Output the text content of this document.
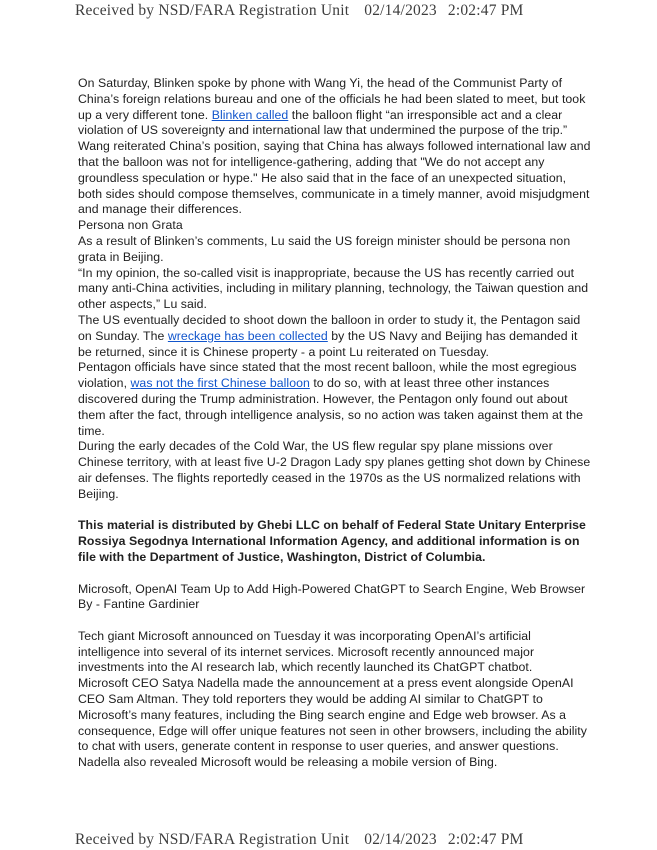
Received by NSD/FARA Registration Unit 02/14/2023 2:02:47 PM

On Saturday, Blinken spoke by phone with Wang Yi, the head of the Communist Party of China’s foreign relations bureau and one of the officials he had been slated to meet, but took up a very different tone. Blinken called the balloon flight “an irresponsible act and a clear violation of US sovereignty and international law that undermined the purpose of the trip.”

Wang reiterated China’s position, saying that China has always followed international law and that the balloon was not for intelligence-gathering, adding that "We do not accept any groundless speculation or hype." He also said that in the face of an unexpected situation, both sides should compose themselves, communicate in a timely manner, avoid misjudgment and manage their differences.

Persona non Grata

As a result of Blinken’s comments, Lu said the US foreign minister should be persona non grata in Beijing.

“In my opinion, the so-called visit is inappropriate, because the US has recently carried out many anti-China activities, including in military planning, technology, the Taiwan question and other aspects,” Lu said.

The US eventually decided to shoot down the balloon in order to study it, the Pentagon said on Sunday. The wreckage has been collected by the US Navy and Beijing has demanded it be returned, since it is Chinese property - a point Lu reiterated on Tuesday.

Pentagon officials have since stated that the most recent balloon, while the most egregious violation, was not the first Chinese balloon to do so, with at least three other instances discovered during the Trump administration. However, the Pentagon only found out about them after the fact, through intelligence analysis, so no action was taken against them at the time.

During the early decades of the Cold War, the US flew regular spy plane missions over Chinese territory, with at least five U-2 Dragon Lady spy planes getting shot down by Chinese air defenses. The flights reportedly ceased in the 1970s as the US normalized relations with Beijing.

This material is distributed by Ghebi LLC on behalf of Federal State Unitary Enterprise Rossiya Segodnya International Information Agency, and additional information is on file with the Department of Justice, Washington, District of Columbia.

Microsoft, OpenAI Team Up to Add High-Powered ChatGPT to Search Engine, Web Browser

By - Fantine Gardinier

Tech giant Microsoft announced on Tuesday it was incorporating OpenAI’s artificial intelligence into several of its internet services. Microsoft recently announced major investments into the AI research lab, which recently launched its ChatGPT chatbot.

Microsoft CEO Satya Nadella made the announcement at a press event alongside OpenAI CEO Sam Altman. They told reporters they would be adding AI similar to ChatGPT to Microsoft’s many features, including the Bing search engine and Edge web browser. As a consequence, Edge will offer unique features not seen in other browsers, including the ability to chat with users, generate content in response to user queries, and answer questions.

Nadella also revealed Microsoft would be releasing a mobile version of Bing.

Received by NSD/FARA Registration Unit 02/14/2023 2:02:47 PM
